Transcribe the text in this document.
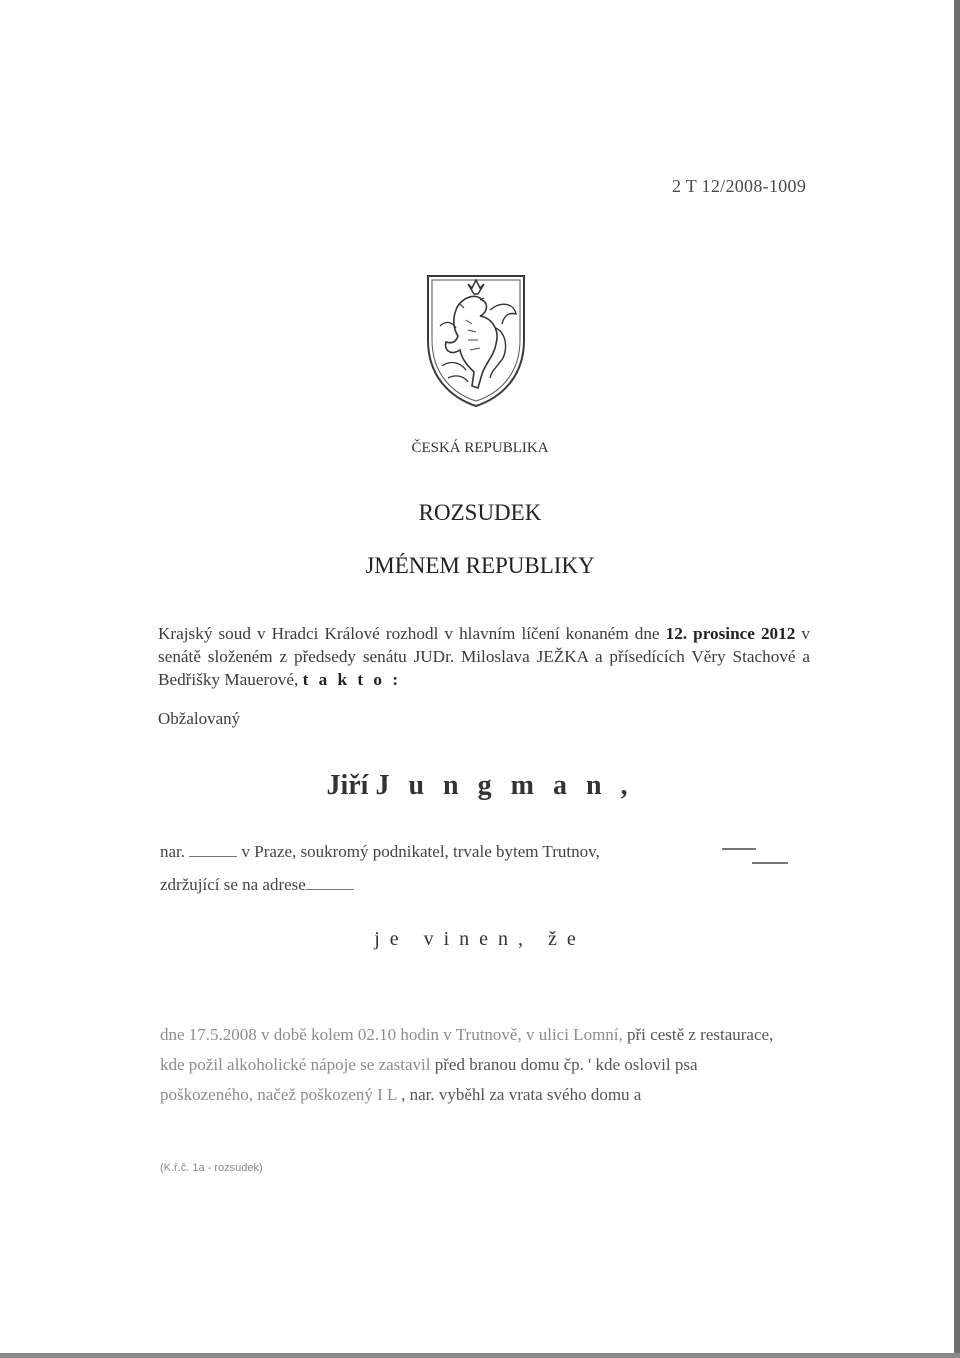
2 T 12/2008-1009
ČESKÁ REPUBLIKA
ROZSUDEK
JMÉNEM REPUBLIKY
Krajský soud v Hradci Králové rozhodl v hlavním líčení konaném dne 12. prosince 2012 v senátě složeném z předsedy senátu JUDr. Miloslava JEŽKA a přísedících Věry Stachové a Bedřišky Mauerové, t a k t o :
Obžalovaný
Jiří J u n g m a n ,
nar.	v Praze, soukromý podnikatel, trvale bytem Trutnov,
zdržující se na adrese
je vinen, že
dne 17.5.2008 v době kolem 02.10 hodin v Trutnově, v ulici Lomní, při cestě z restaurace,
kde požil alkoholické nápoje se zastavil před branou domu čp. ' kde oslovil psa
poškozeného, načež poškozený I L , nar. vyběhl za vrata svého domu a
(K.ř.č. 1a - rozsudek)
